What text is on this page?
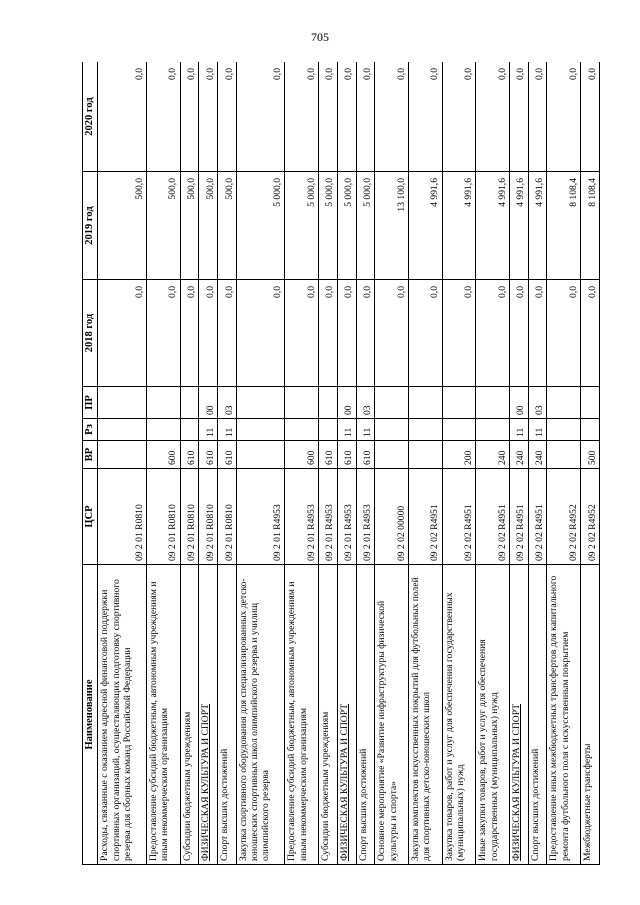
705
Наименование	ЦСР	ВР	Рз	ПР	2018 год	2019 год	2020 год
Расходы, связанные с оказанием адресной финансовой поддержки спортивных организаций, осуществляющих подготовку спортивного резерва для сборных команд Российской Федерации	09 2 01 R0810				0,0	500,0	0,0
Предоставление субсидий бюджетным, автономным учреждениям и иным некоммерческим организациям	09 2 01 R0810	600			0,0	500,0	0,0
Субсидии бюджетным учреждениям	09 2 01 R0810	610			0,0	500,0	0,0
ФИЗИЧЕСКАЯ КУЛЬТУРА И СПОРТ	09 2 01 R0810	610	11	00	0,0	500,0	0,0
Спорт высших достижений	09 2 01 R0810	610	11	03	0,0	500,0	0,0
Закупка спортивного оборудования для специализированных детско-юношеских спортивных школ олимпийского резерва и училищ олимпийского резерва	09 2 01 R4953				0,0	5 000,0	0,0
Предоставление субсидий бюджетным, автономным учреждениям и иным некоммерческим организациям	09 2 01 R4953	600			0,0	5 000,0	0,0
Субсидии бюджетным учреждениям	09 2 01 R4953	610			0,0	5 000,0	0,0
ФИЗИЧЕСКАЯ КУЛЬТУРА И СПОРТ	09 2 01 R4953	610	11	00	0,0	5 000,0	0,0
Спорт высших достижений	09 2 01 R4953	610	11	03	0,0	5 000,0	0,0
Основное мероприятие «Развитие инфраструктуры физической культуры и спорта»	09 2 02 00000				0,0	13 100,0	0,0
Закупка комплектов искусственных покрытий для футбольных полей для спортивных детско-юношеских школ	09 2 02 R4951				0,0	4 991,6	0,0
Закупка товаров, работ и услуг для обеспечения государственных (муниципальных) нужд	09 2 02 R4951	200			0,0	4 991,6	0,0
Иные закупки товаров, работ и услуг для обеспечения государственных (муниципальных) нужд	09 2 02 R4951	240			0,0	4 991,6	0,0
ФИЗИЧЕСКАЯ КУЛЬТУРА И СПОРТ	09 2 02 R4951	240	11	00	0,0	4 991,6	0,0
Спорт высших достижений	09 2 02 R4951	240	11	03	0,0	4 991,6	0,0
Предоставление иных межбюджетных трансфертов для капитального ремонта футбольного поля с искусственным покрытием	09 2 02 R4952				0,0	8 108,4	0,0
Межбюджетные трансферты	09 2 02 R4952	500			0,0	8 108,4	0,0
